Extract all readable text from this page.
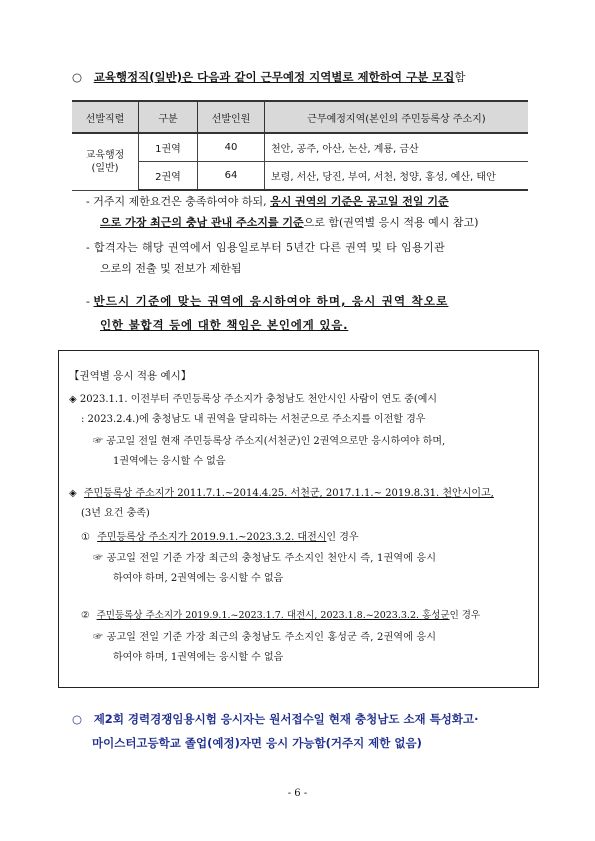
○ 교육행정직(일반)은 다음과 같이 근무예정 지역별로 제한하여 구분 모집함
선발직렬	구분	선발인원	근무예정지역(본인의 주민등록상 주소지)
교육행정
(일반)	1권역	40	천안, 공주, 아산, 논산, 계룡, 금산
	2권역	64	보령, 서산, 당진, 부여, 서천, 청양, 홍성, 예산, 태안
- 거주지 제한요건은 충족하여야 하되, 응시 권역의 기준은 공고일 전일 기준
으로 가장 최근의 충남 관내 주소지를 기준으로 함(권역별 응시 적용 예시 참고)
- 합격자는 해당 권역에서 임용일로부터 5년간 다른 권역 및 타 임용기관
으로의 전출 및 전보가 제한됨
- 반드시 기준에 맞는 권역에 응시하여야 하며, 응시 권역 착오로
인한 불합격 등에 대한 책임은 본인에게 있음.
【권역별 응시 적용 예시】
◈ 2023.1.1. 이전부터 주민등록상 주소지가 충청남도 천안시인 사람이 연도 중(예시
: 2023.2.4.)에 충청남도 내 권역을 달리하는 서천군으로 주소지를 이전할 경우
☞ 공고일 전일 현재 주민등록상 주소지(서천군)인 2권역으로만 응시하여야 하며,
1권역에는 응시할 수 없음
◈ 주민등록상 주소지가 2011.7.1.~2014.4.25. 서천군, 2017.1.1.~ 2019.8.31. 천안시이고,
(3년 요건 충족)
① 주민등록상 주소지가 2019.9.1.~2023.3.2. 대전시인 경우
☞ 공고일 전일 기준 가장 최근의 충청남도 주소지인 천안시 즉, 1권역에 응시
하여야 하며, 2권역에는 응시할 수 없음
② 주민등록상 주소지가 2019.9.1.~2023.1.7. 대전시, 2023.1.8.~2023.3.2. 홍성군인 경우
☞ 공고일 전일 기준 가장 최근의 충청남도 주소지인 홍성군 즉, 2권역에 응시
하여야 하며, 1권역에는 응시할 수 없음
○ 제2회 경력경쟁임용시험 응시자는 원서접수일 현재 충청남도 소재 특성화고·
마이스터고등학교 졸업(예정)자면 응시 가능함(거주지 제한 없음)
- 6 -
